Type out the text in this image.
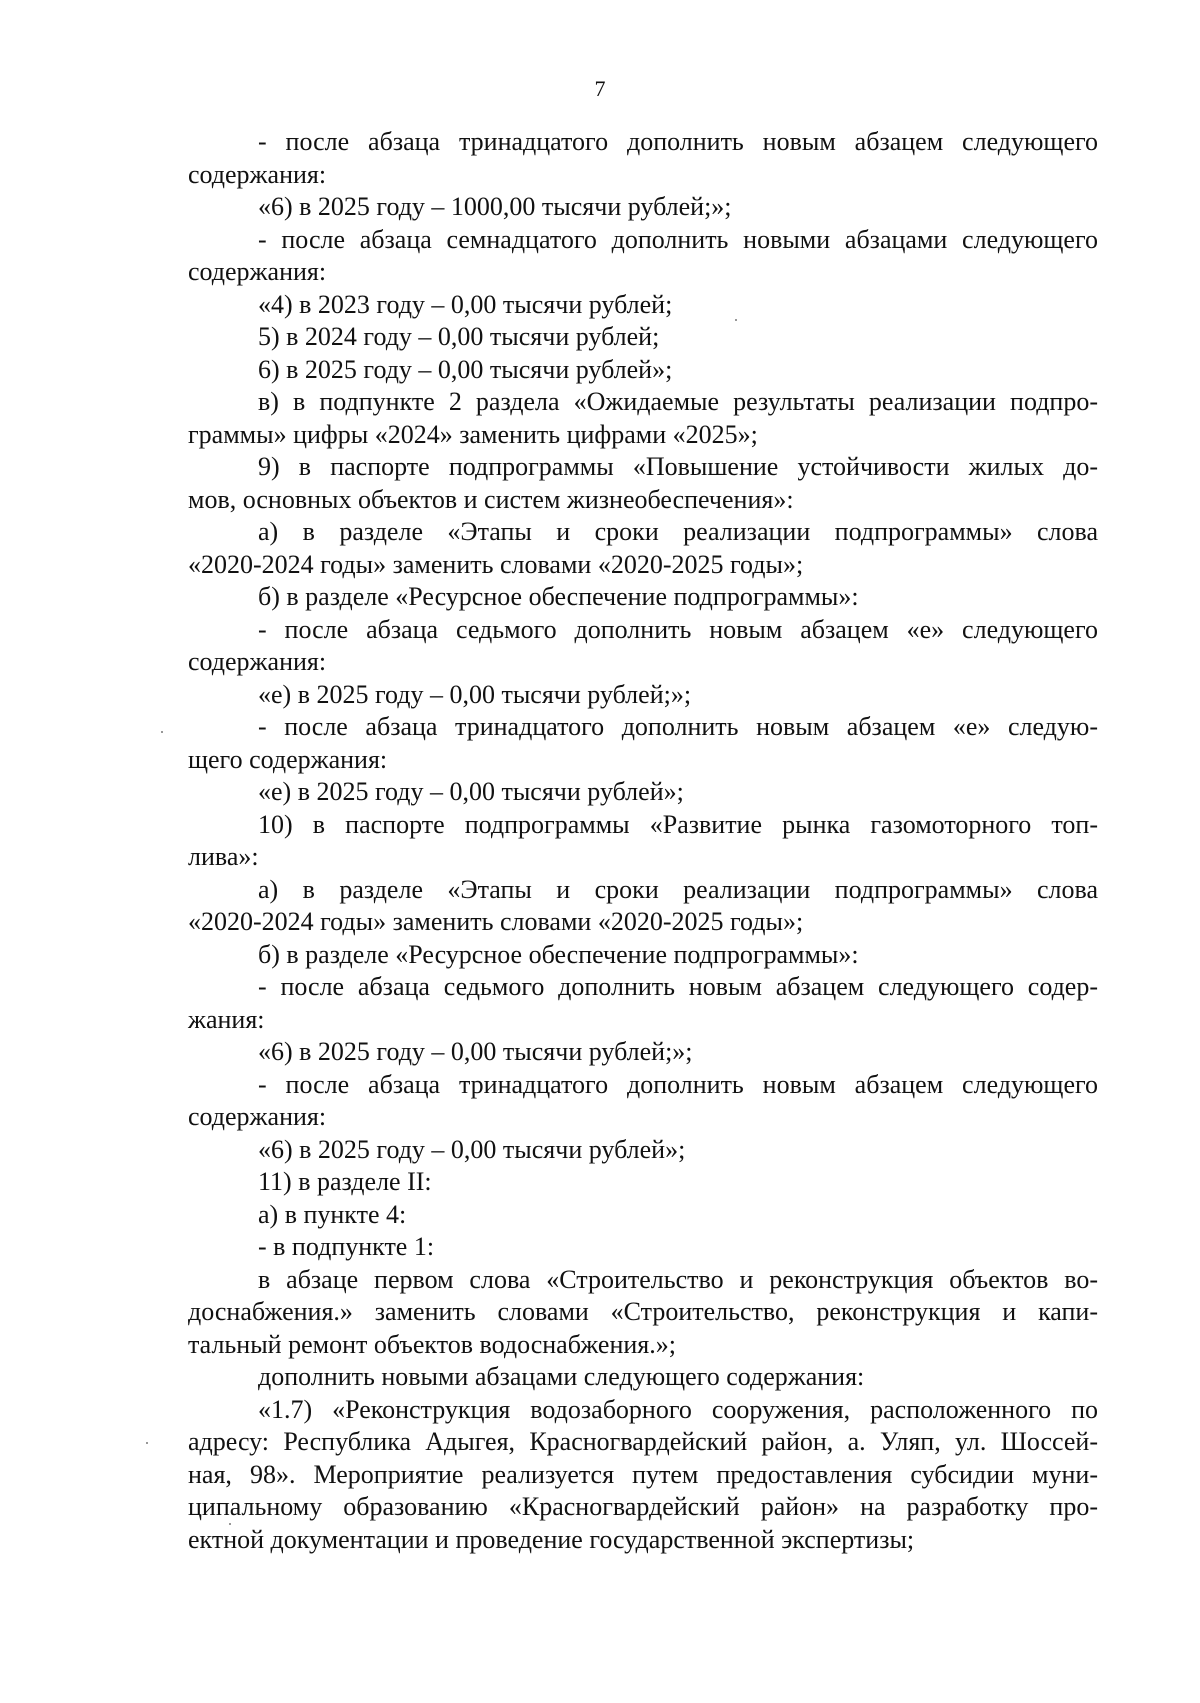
7
- после абзаца тринадцатого дополнить новым абзацем следующего
содержания:
«6) в 2025 году – 1000,00 тысячи рублей;»;
- после абзаца семнадцатого дополнить новыми абзацами следующего
содержания:
«4) в 2023 году – 0,00 тысячи рублей;
5) в 2024 году – 0,00 тысячи рублей;
6) в 2025 году – 0,00 тысячи рублей»;
в) в подпункте 2 раздела «Ожидаемые результаты реализации подпро-
граммы» цифры «2024» заменить цифрами «2025»;
9) в паспорте подпрограммы «Повышение устойчивости жилых до-
мов, основных объектов и систем жизнеобеспечения»:
а) в разделе «Этапы и сроки реализации подпрограммы» слова
«2020-2024 годы» заменить словами «2020-2025 годы»;
б) в разделе «Ресурсное обеспечение подпрограммы»:
- после абзаца седьмого дополнить новым абзацем «е» следующего
содержания:
«е) в 2025 году – 0,00 тысячи рублей;»;
- после абзаца тринадцатого дополнить новым абзацем «е» следую-
щего содержания:
«е) в 2025 году – 0,00 тысячи рублей»;
10) в паспорте подпрограммы «Развитие рынка газомоторного топ-
лива»:
а) в разделе «Этапы и сроки реализации подпрограммы» слова
«2020-2024 годы» заменить словами «2020-2025 годы»;
б) в разделе «Ресурсное обеспечение подпрограммы»:
- после абзаца седьмого дополнить новым абзацем следующего содер-
жания:
«6) в 2025 году – 0,00 тысячи рублей;»;
- после абзаца тринадцатого дополнить новым абзацем следующего
содержания:
«6) в 2025 году – 0,00 тысячи рублей»;
11) в разделе II:
а) в пункте 4:
- в подпункте 1:
в абзаце первом слова «Строительство и реконструкция объектов во-
доснабжения.» заменить словами «Строительство, реконструкция и капи-
тальный ремонт объектов водоснабжения.»;
дополнить новыми абзацами следующего содержания:
«1.7) «Реконструкция водозаборного сооружения, расположенного по
адресу: Республика Адыгея, Красногвардейский район, а. Уляп, ул. Шоссей-
ная, 98». Мероприятие реализуется путем предоставления субсидии муни-
ципальному образованию «Красногвардейский район» на разработку про-
ектной документации и проведение государственной экспертизы;
